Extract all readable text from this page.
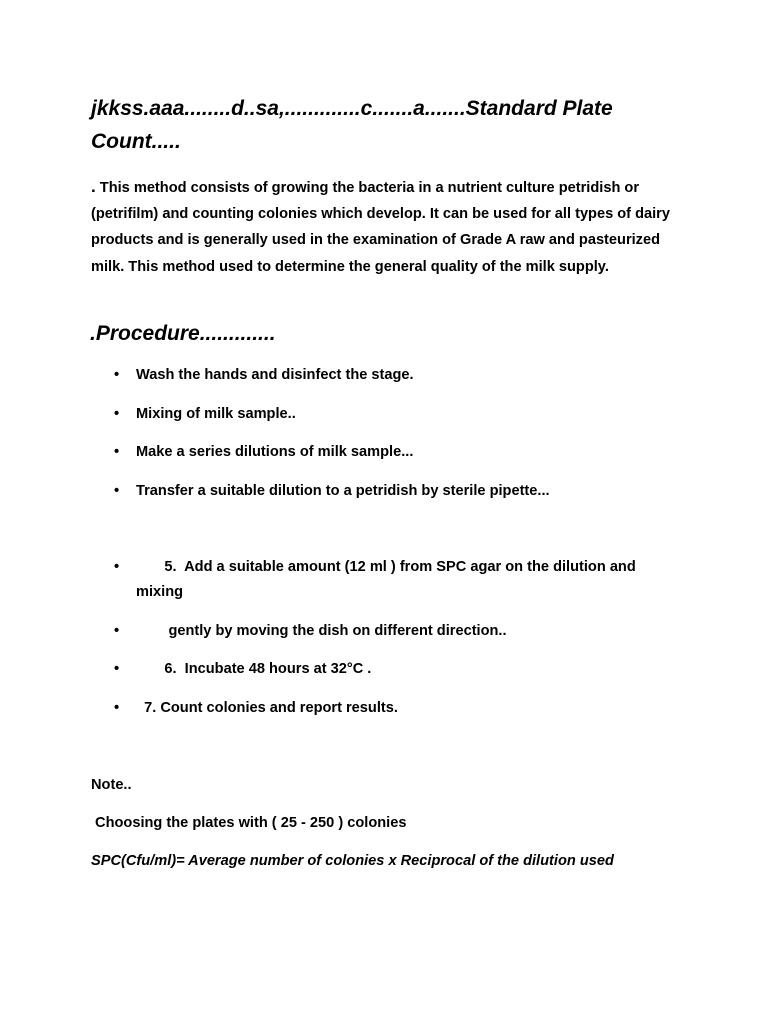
jkkss.aaa........d..sa,.............c.......a.......Standard Plate Count.....

. This method consists of growing the bacteria in a nutrient culture petridish or (petrifilm) and counting colonies which develop. It can be used for all types of dairy products and is generally used in the examination of Grade A raw and pasteurized milk. This method used to determine the general quality of the milk supply.

.Procedure.............
• Wash the hands and disinfect the stage.
• Mixing of milk sample..
• Make a series dilutions of milk sample...
• Transfer a suitable dilution to a petridish by sterile pipette...
• 5.  Add a suitable amount (12 ml ) from SPC agar on the dilution and mixing
• gently by moving the dish on different direction..
• 6.  Incubate 48 hours at 32°C .
• 7. Count colonies and report results.

Note..

Choosing the plates with ( 25 - 250 ) colonies

SPC(Cfu/ml)= Average number of colonies x Reciprocal of the dilution used
